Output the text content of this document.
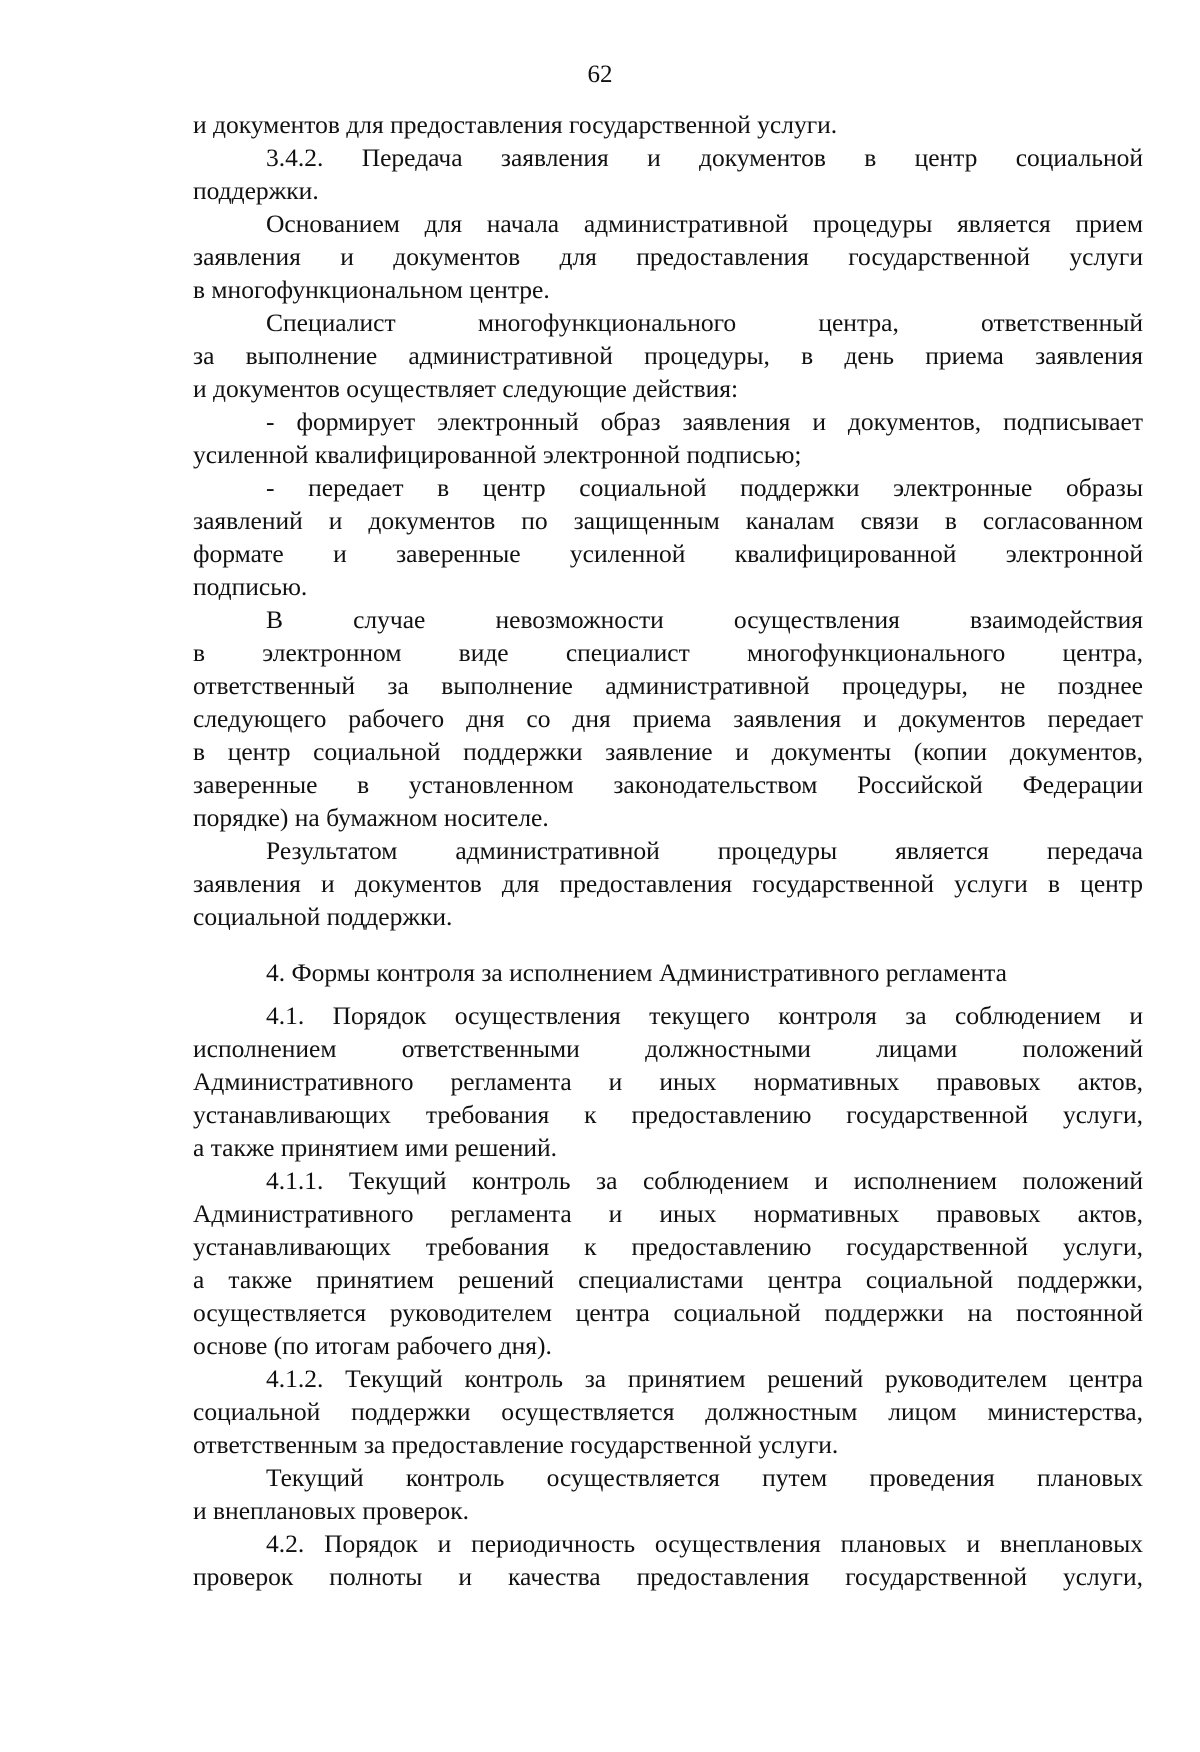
62
и документов для предоставления государственной услуги.
3.4.2. Передача заявления и документов в центр социальной
поддержки.
Основанием для начала административной процедуры является прием
заявления и документов для предоставления государственной услуги
в многофункциональном центре.
Специалист многофункционального центра, ответственный
за выполнение административной процедуры, в день приема заявления
и документов осуществляет следующие действия:
- формирует электронный образ заявления и документов, подписывает
усиленной квалифицированной электронной подписью;
- передает в центр социальной поддержки электронные образы
заявлений и документов по защищенным каналам связи в согласованном
формате и заверенные усиленной квалифицированной электронной
подписью.
В случае невозможности осуществления взаимодействия
в электронном виде специалист многофункционального центра,
ответственный за выполнение административной процедуры, не позднее
следующего рабочего дня со дня приема заявления и документов передает
в центр социальной поддержки заявление и документы (копии документов,
заверенные в установленном законодательством Российской Федерации
порядке) на бумажном носителе.
Результатом административной процедуры является передача
заявления и документов для предоставления государственной услуги в центр
социальной поддержки.
4. Формы контроля за исполнением Административного регламента
4.1. Порядок осуществления текущего контроля за соблюдением и
исполнением ответственными должностными лицами положений
Административного регламента и иных нормативных правовых актов,
устанавливающих требования к предоставлению государственной услуги,
а также принятием ими решений.
4.1.1. Текущий контроль за соблюдением и исполнением положений
Административного регламента и иных нормативных правовых актов,
устанавливающих требования к предоставлению государственной услуги,
а также принятием решений специалистами центра социальной поддержки,
осуществляется руководителем центра социальной поддержки на постоянной
основе (по итогам рабочего дня).
4.1.2. Текущий контроль за принятием решений руководителем центра
социальной поддержки осуществляется должностным лицом министерства,
ответственным за предоставление государственной услуги.
Текущий контроль осуществляется путем проведения плановых
и внеплановых проверок.
4.2. Порядок и периодичность осуществления плановых и внеплановых
проверок полноты и качества предоставления государственной услуги,
